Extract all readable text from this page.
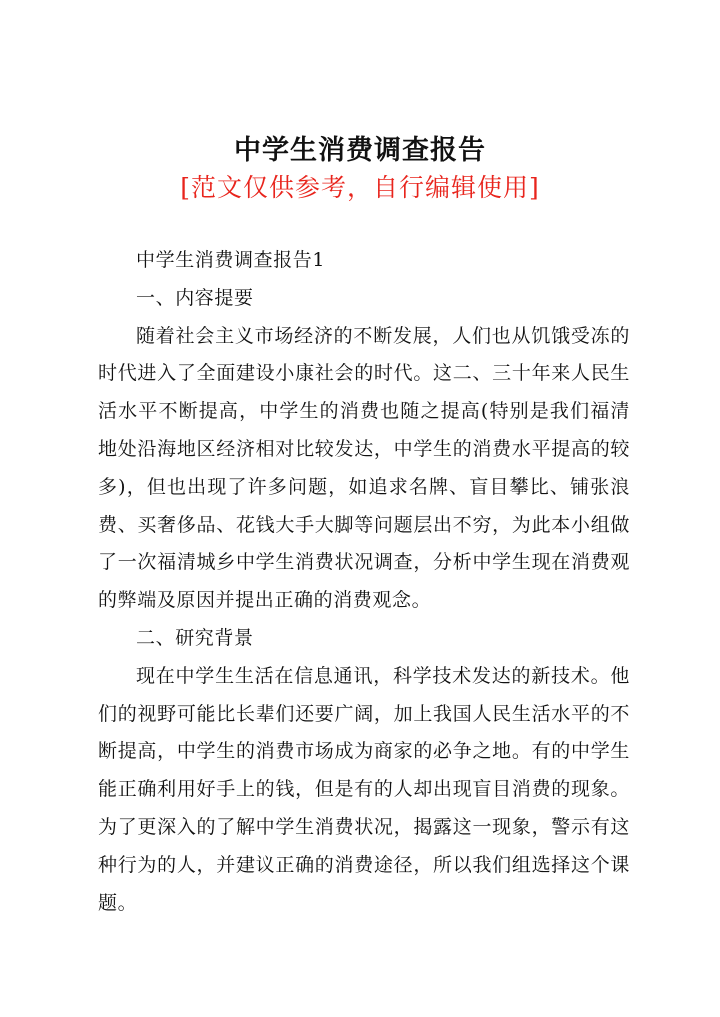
中学生消费调查报告
[范文仅供参考，自行编辑使用]

中学生消费调查报告1

一、内容提要

随着社会主义市场经济的不断发展，人们也从饥饿受冻的时代进入了全面建设小康社会的时代。这二、三十年来人民生活水平不断提高，中学生的消费也随之提高(特别是我们福清地处沿海地区经济相对比较发达，中学生的消费水平提高的较多)，但也出现了许多问题，如追求名牌、盲目攀比、铺张浪费、买奢侈品、花钱大手大脚等问题层出不穷，为此本小组做了一次福清城乡中学生消费状况调查，分析中学生现在消费观的弊端及原因并提出正确的消费观念。

二、研究背景

现在中学生生活在信息通讯，科学技术发达的新技术。他们的视野可能比长辈们还要广阔，加上我国人民生活水平的不断提高，中学生的消费市场成为商家的必争之地。有的中学生能正确利用好手上的钱，但是有的人却出现盲目消费的现象。为了更深入的了解中学生消费状况，揭露这一现象，警示有这种行为的人，并建议正确的消费途径，所以我们组选择这个课题。
